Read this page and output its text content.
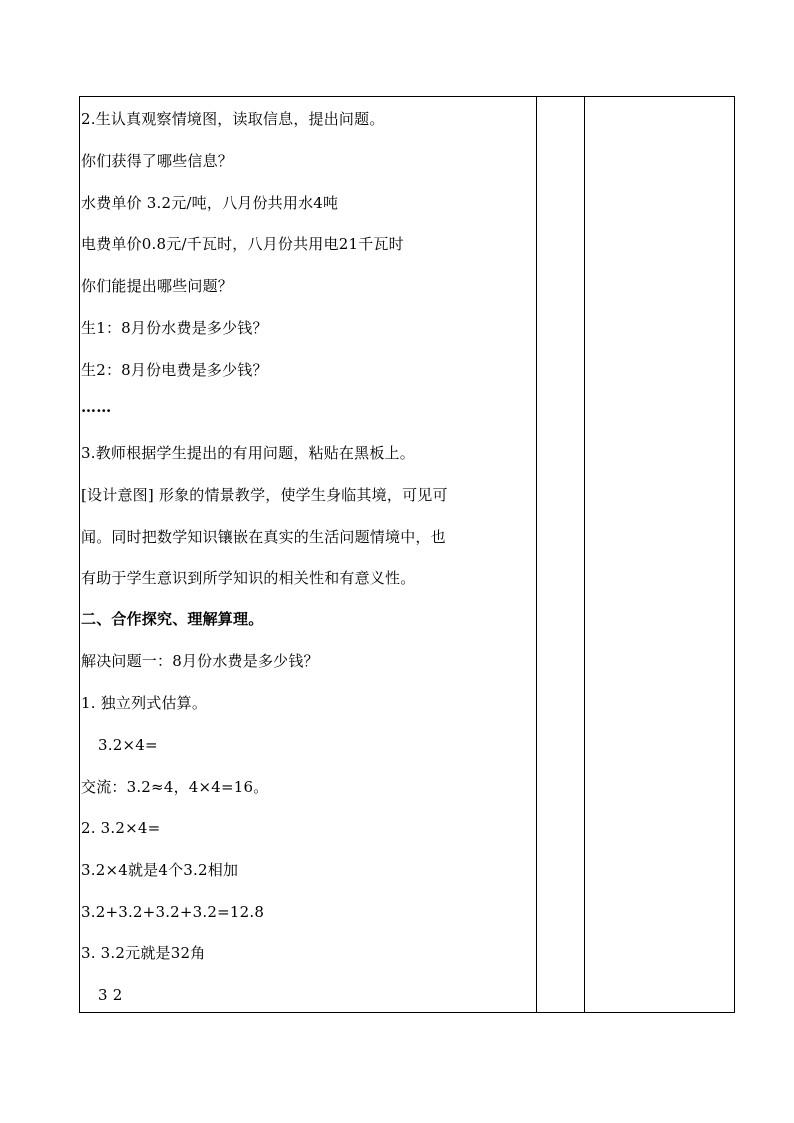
2.生认真观察情境图，读取信息，提出问题。
你们获得了哪些信息？
水费单价 3.2元/吨，八月份共用水4吨
电费单价0.8元/千瓦时，八月份共用电21千瓦时
你们能提出哪些问题？
生1：8月份水费是多少钱？
生2：8月份电费是多少钱？
……
3.教师根据学生提出的有用问题，粘贴在黑板上。
[设计意图] 形象的情景教学，使学生身临其境，可见可
闻。同时把数学知识镶嵌在真实的生活问题情境中，也
有助于学生意识到所学知识的相关性和有意义性。
二、合作探究、理解算理。
解决问题一：8月份水费是多少钱？
1. 独立列式估算。
3.2×4=
交流：3.2≈4，4×4=16。
2. 3.2×4=
3.2×4就是4个3.2相加
3.2+3.2+3.2+3.2=12.8
3. 3.2元就是32角
3 2
